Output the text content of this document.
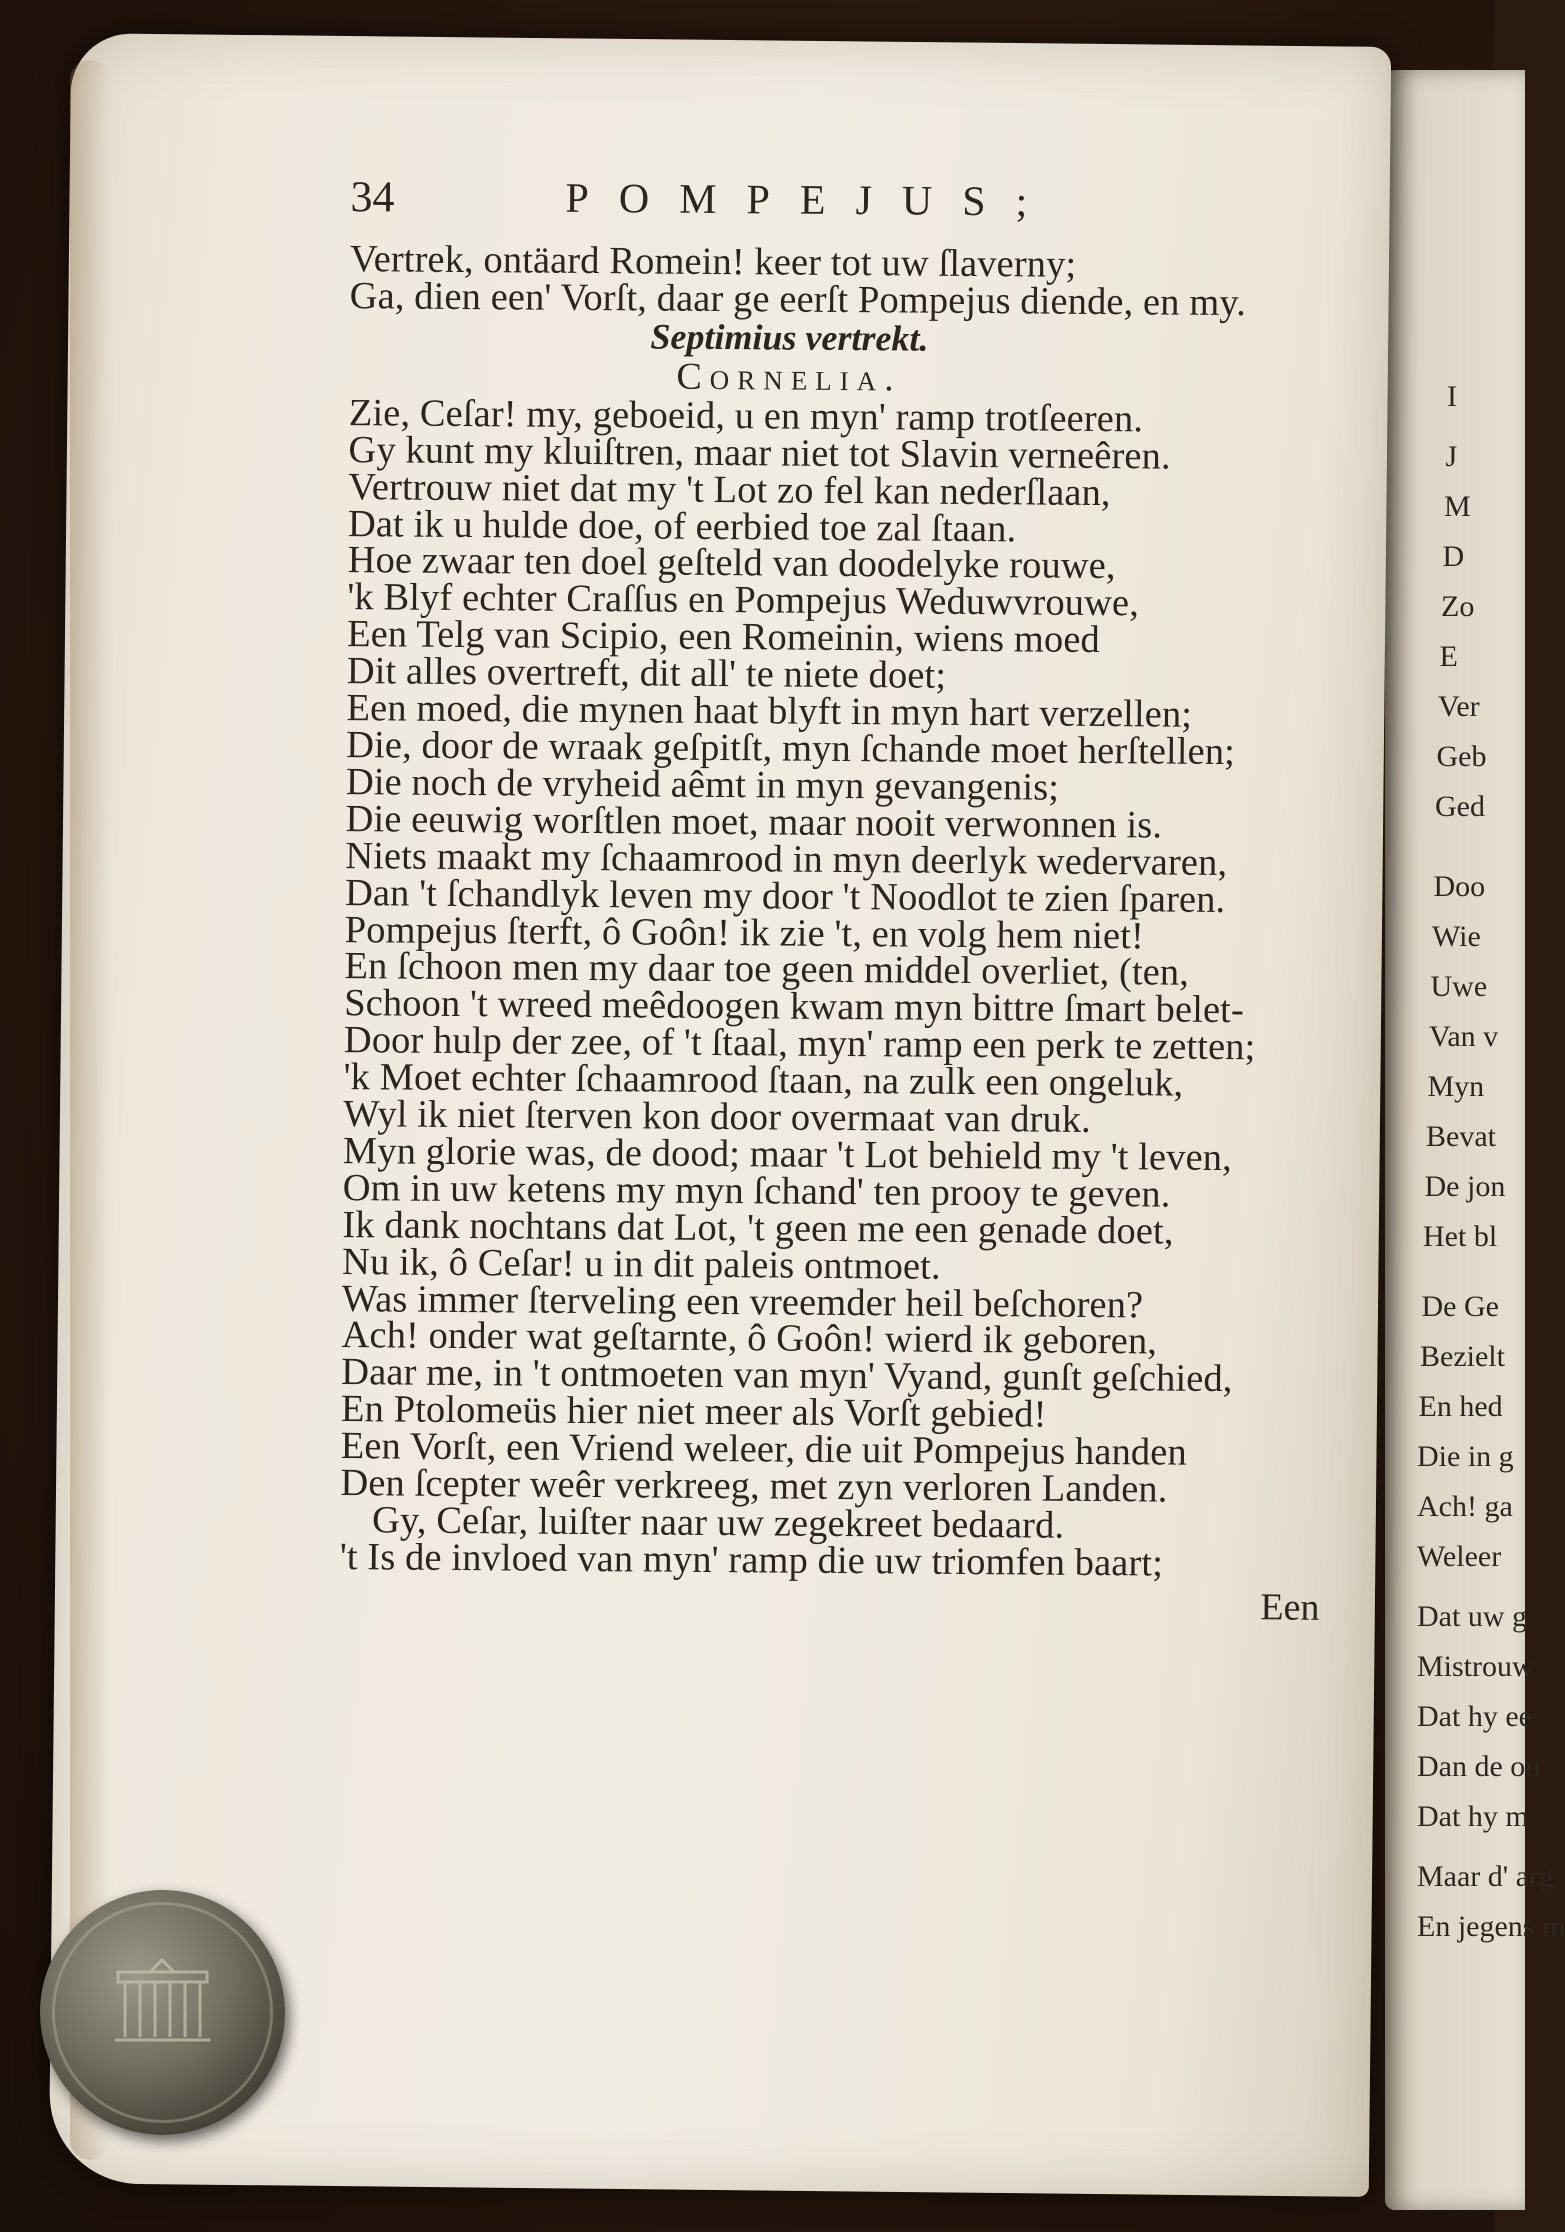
I
J
M
D
Zo
E
Ver
Geb
Ged
Doo
Wie
Uwe
Van v
Myn
Bevat
De jon
Het bl
De Ge
Bezielt
En hed
Die in g
Ach! ga
Weleer
Dat uw g
Mistrouw
Dat hy ee
Dan de ou
Dat hy m
Maar d' arg
En jegens m
34	POMPEJUS;
Vertrek, ontäard Romein! keer tot uw ſlaverny;
Ga, dien een' Vorſt, daar ge eerſt Pompejus diende, en my.
Septimius vertrekt.
Cornelia.
Zie, Ceſar! my, geboeid, u en myn' ramp trotſeeren.
Gy kunt my kluiſtren, maar niet tot Slavin verneêren.
Vertrouw niet dat my 't Lot zo fel kan nederſlaan,
Dat ik u hulde doe, of eerbied toe zal ſtaan.
Hoe zwaar ten doel geſteld van doodelyke rouwe,
'k Blyf echter Craſſus en Pompejus Weduwvrouwe,
Een Telg van Scipio, een Romeinin, wiens moed
Dit alles overtreft, dit all' te niete doet;
Een moed, die mynen haat blyft in myn hart verzellen;
Die, door de wraak geſpitſt, myn ſchande moet herſtellen;
Die noch de vryheid aêmt in myn gevangenis;
Die eeuwig worſtlen moet, maar nooit verwonnen is.
Niets maakt my ſchaamrood in myn deerlyk wedervaren,
Dan 't ſchandlyk leven my door 't Noodlot te zien ſparen.
Pompejus ſterft, ô Goôn! ik zie 't, en volg hem niet!
En ſchoon men my daar toe geen middel overliet, (ten,
Schoon 't wreed meêdoogen kwam myn bittre ſmart belet-
Door hulp der zee, of 't ſtaal, myn' ramp een perk te zetten;
'k Moet echter ſchaamrood ſtaan, na zulk een ongeluk,
Wyl ik niet ſterven kon door overmaat van druk.
Myn glorie was, de dood; maar 't Lot behield my 't leven,
Om in uw ketens my myn ſchand' ten prooy te geven.
Ik dank nochtans dat Lot, 't geen me een genade doet,
Nu ik, ô Ceſar! u in dit paleis ontmoet.
Was immer ſterveling een vreemder heil beſchoren?
Ach! onder wat geſtarnte, ô Goôn! wierd ik geboren,
Daar me, in 't ontmoeten van myn' Vyand, gunſt geſchied,
En Ptolomeüs hier niet meer als Vorſt gebied!
Een Vorſt, een Vriend weleer, die uit Pompejus handen
Den ſcepter weêr verkreeg, met zyn verloren Landen.
Gy, Ceſar, luiſter naar uw zegekreet bedaard.
't Is de invloed van myn' ramp die uw triomfen baart;
Een
